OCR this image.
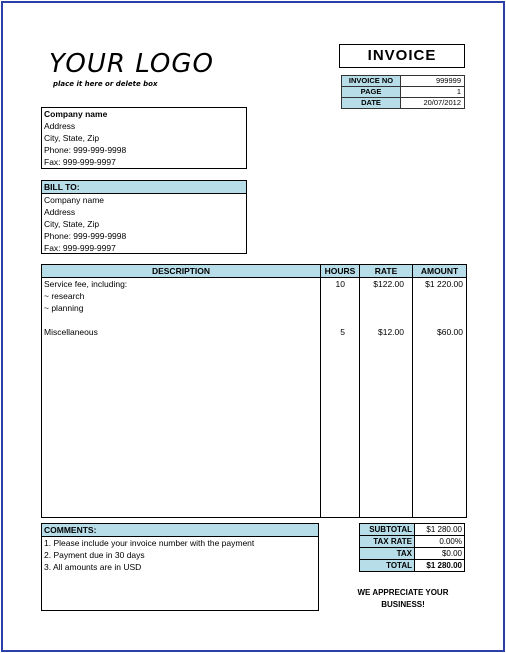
YOUR LOGO
place it here or delete box
INVOICE
INVOICE NO	999999
PAGE	1
DATE	20/07/2012
Company name
Address
City, State, Zip
Phone: 999-999-9998
Fax: 999-999-9997
BILL TO:
Company name
Address
City, State, Zip
Phone: 999-999-9998
Fax: 999-999-9997
DESCRIPTION	HOURS	RATE	AMOUNT
Service fee, including:	10	$122.00	$1 220.00
~ research
~ planning
Miscellaneous	5	$12.00	$60.00
COMMENTS:
1. Please include your invoice number with the payment
2. Payment due in 30 days
3. All amounts are in USD
SUBTOTAL	$1 280.00
TAX RATE	0.00%
TAX	$0.00
TOTAL	$1 280.00
WE APPRECIATE YOUR
BUSINESS!
